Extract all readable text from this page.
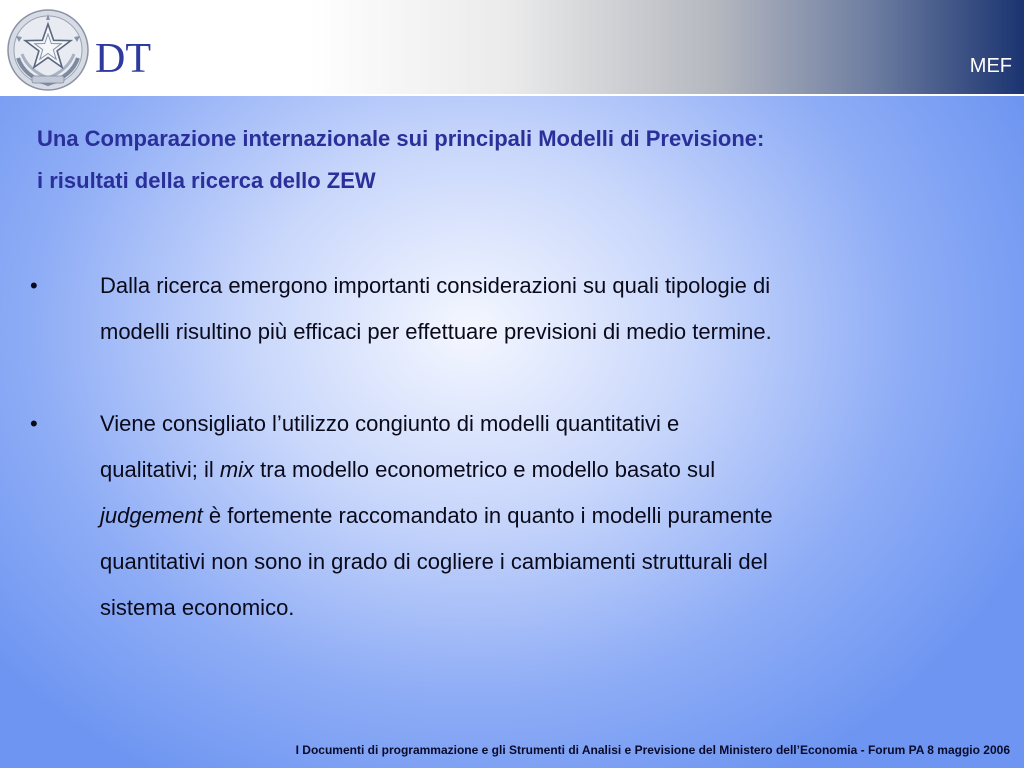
DT	MEF
Una Comparazione internazionale sui principali Modelli di Previsione:
i risultati della ricerca dello ZEW
•	Dalla ricerca emergono importanti considerazioni su quali tipologie di
modelli risultino più efficaci per effettuare previsioni di medio termine.
•	Viene consigliato l’utilizzo congiunto di modelli quantitativi e
qualitativi; il mix tra modello econometrico e modello basato sul
judgement è fortemente raccomandato in quanto i modelli puramente
quantitativi non sono in grado di cogliere i cambiamenti strutturali del
sistema economico.
I Documenti di programmazione e gli Strumenti di Analisi e Previsione del Ministero dell’Economia - Forum PA 8 maggio 2006
